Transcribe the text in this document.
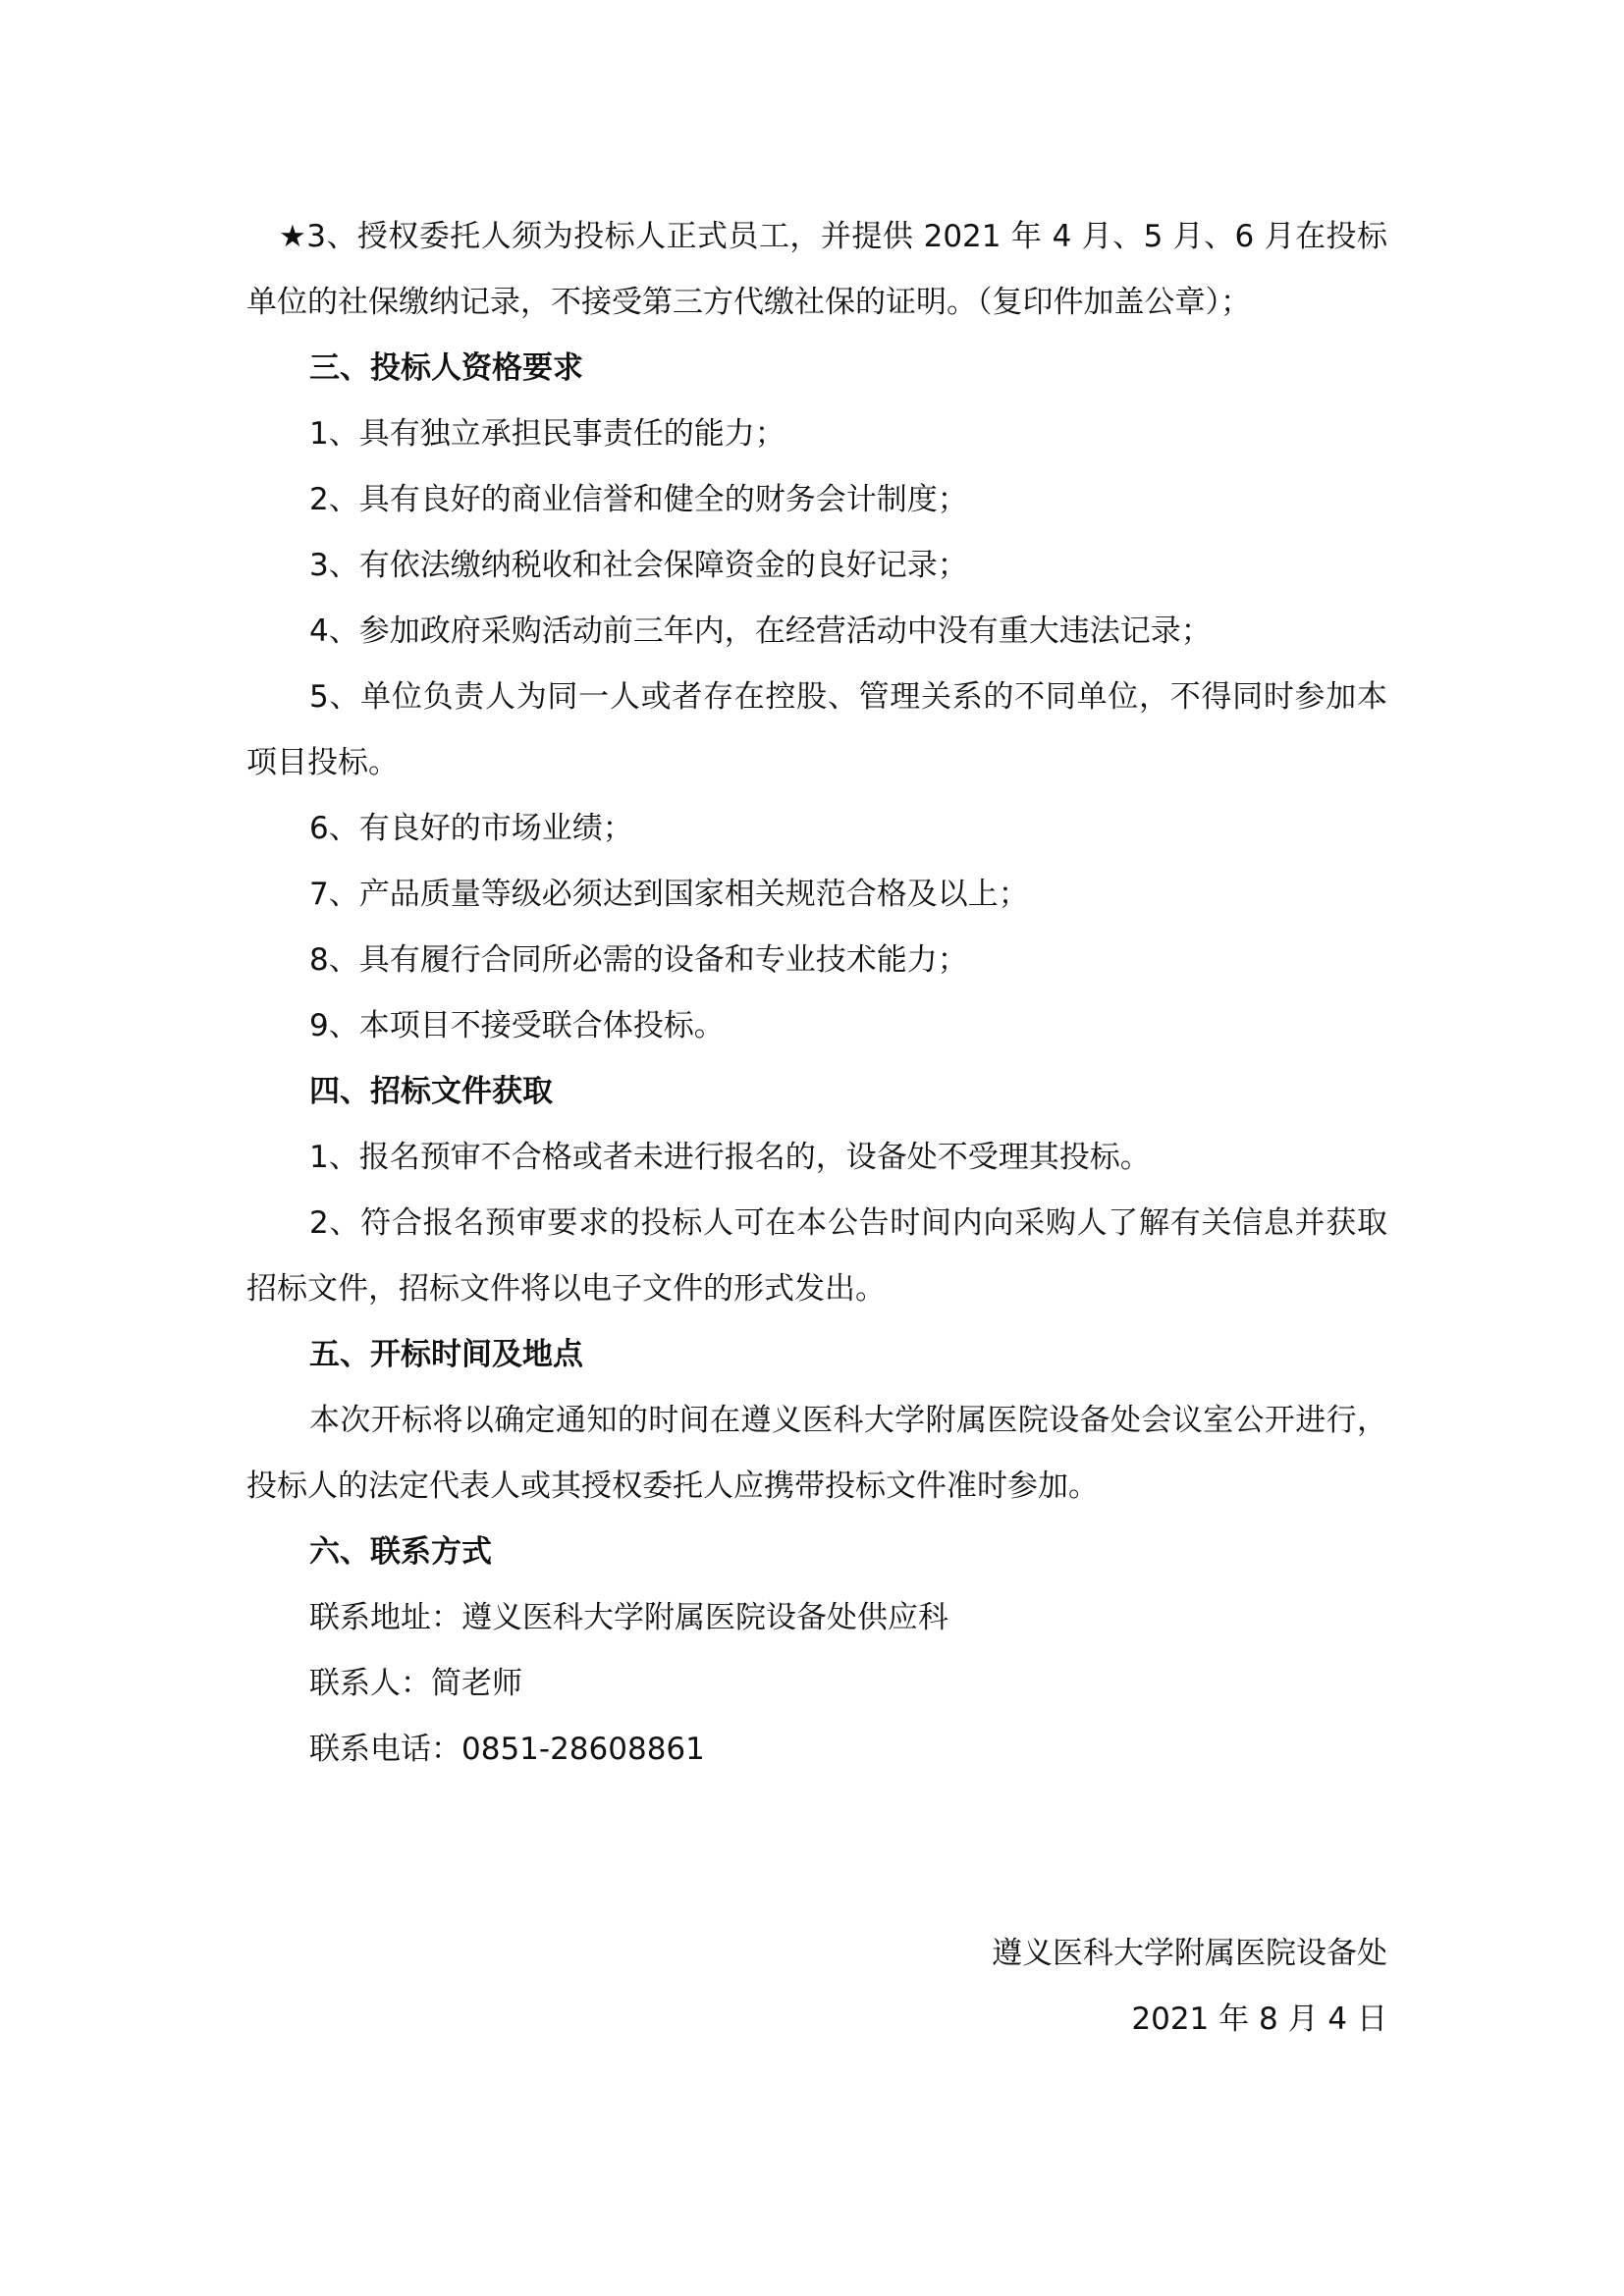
★3、授权委托人须为投标人正式员工，并提供 2021 年 4 月、5 月、6 月在投标单位的社保缴纳记录，不接受第三方代缴社保的证明。（复印件加盖公章）；

三、投标人资格要求

1、具有独立承担民事责任的能力；

2、具有良好的商业信誉和健全的财务会计制度；

3、有依法缴纳税收和社会保障资金的良好记录；

4、参加政府采购活动前三年内，在经营活动中没有重大违法记录；

5、单位负责人为同一人或者存在控股、管理关系的不同单位，不得同时参加本项目投标。

6、有良好的市场业绩；

7、产品质量等级必须达到国家相关规范合格及以上；

8、具有履行合同所必需的设备和专业技术能力；

9、本项目不接受联合体投标。

四、招标文件获取

1、报名预审不合格或者未进行报名的，设备处不受理其投标。

2、符合报名预审要求的投标人可在本公告时间内向采购人了解有关信息并获取招标文件，招标文件将以电子文件的形式发出。

五、开标时间及地点

本次开标将以确定通知的时间在遵义医科大学附属医院设备处会议室公开进行，投标人的法定代表人或其授权委托人应携带投标文件准时参加。

六、联系方式

联系地址：遵义医科大学附属医院设备处供应科

联系人：简老师

联系电话：0851-28608861

遵义医科大学附属医院设备处
2021 年 8 月 4 日
